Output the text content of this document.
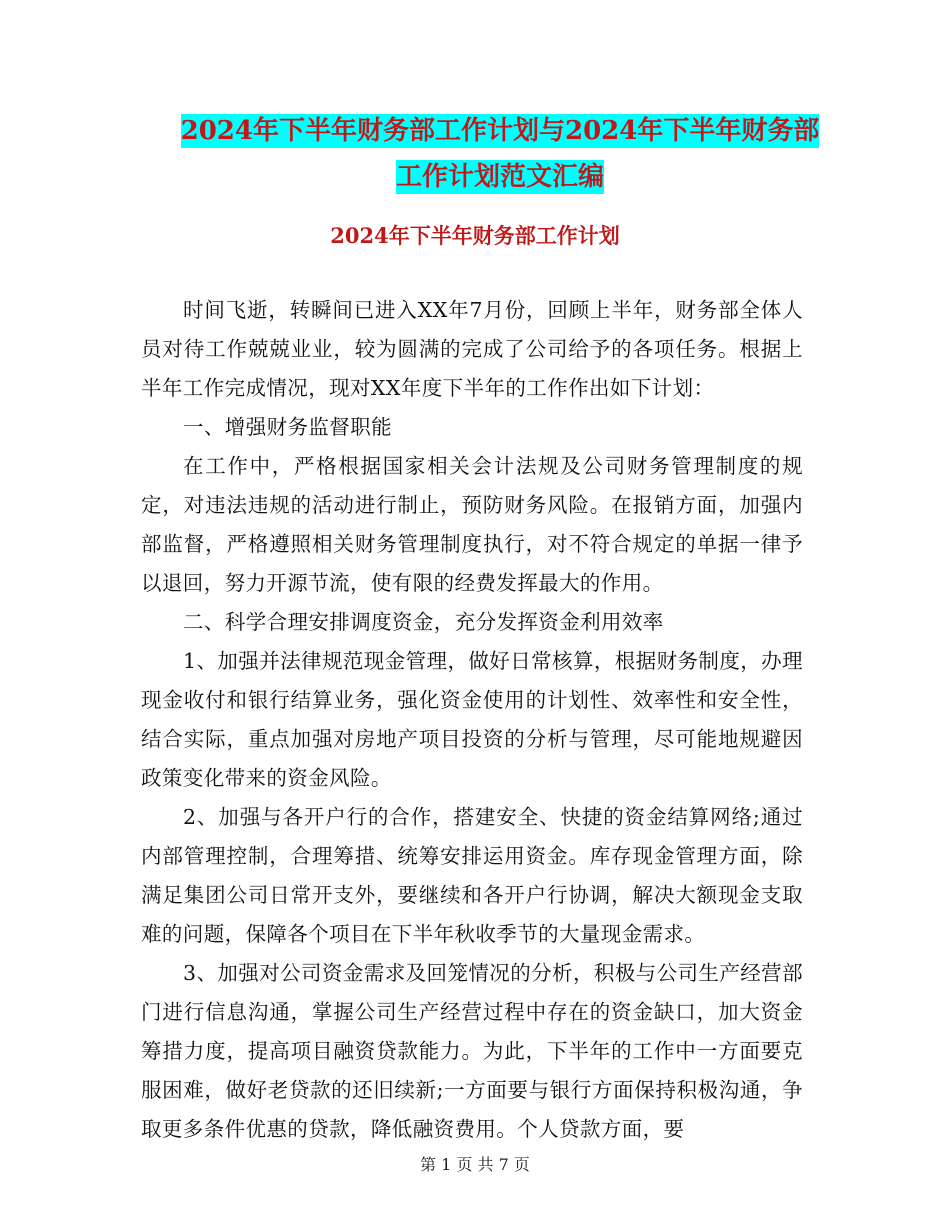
2024年下半年财务部工作计划与2024年下半年财务部
工作计划范文汇编
2024年下半年财务部工作计划

时间飞逝，转瞬间已进入XX年7月份，回顾上半年，财务部全体人员对待工作兢兢业业，较为圆满的完成了公司给予的各项任务。根据上半年工作完成情况，现对XX年度下半年的工作作出如下计划：

一、增强财务监督职能

在工作中，严格根据国家相关会计法规及公司财务管理制度的规定，对违法违规的活动进行制止，预防财务风险。在报销方面，加强内部监督，严格遵照相关财务管理制度执行，对不符合规定的单据一律予以退回，努力开源节流，使有限的经费发挥最大的作用。

二、科学合理安排调度资金，充分发挥资金利用效率

1、加强并法律规范现金管理，做好日常核算，根据财务制度，办理现金收付和银行结算业务，强化资金使用的计划性、效率性和安全性，结合实际，重点加强对房地产项目投资的分析与管理，尽可能地规避因政策变化带来的资金风险。

2、加强与各开户行的合作，搭建安全、快捷的资金结算网络;通过内部管理控制，合理筹措、统筹安排运用资金。库存现金管理方面，除满足集团公司日常开支外，要继续和各开户行协调，解决大额现金支取难的问题，保障各个项目在下半年秋收季节的大量现金需求。

3、加强对公司资金需求及回笼情况的分析，积极与公司生产经营部门进行信息沟通，掌握公司生产经营过程中存在的资金缺口，加大资金筹措力度，提高项目融资贷款能力。为此，下半年的工作中一方面要克服困难，做好老贷款的还旧续新;一方面要与银行方面保持积极沟通，争取更多条件优惠的贷款，降低融资费用。个人贷款方面，要

第 1 页 共 7 页
